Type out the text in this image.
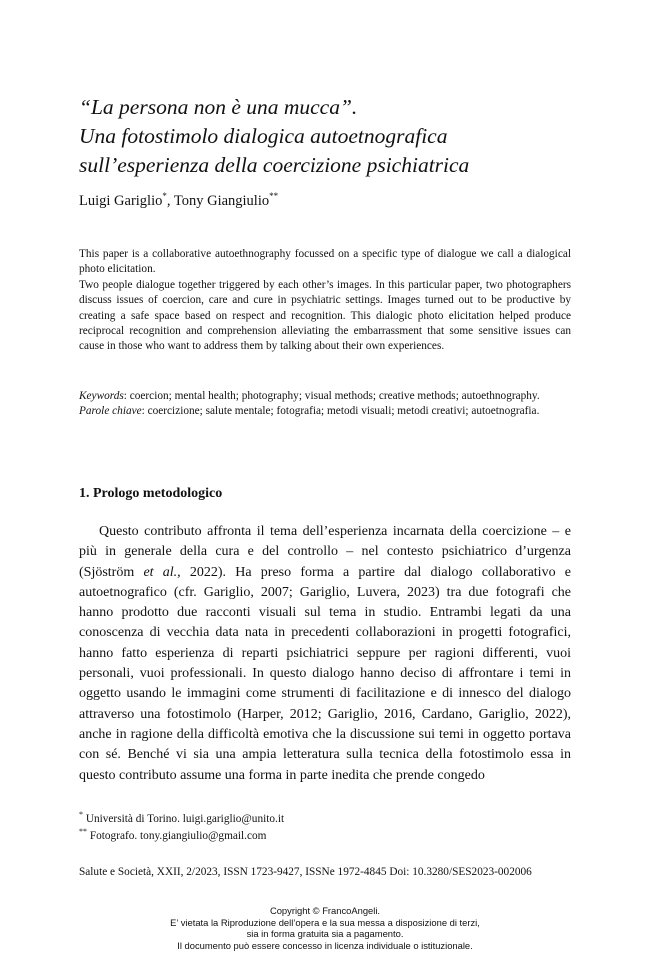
“La persona non è una mucca”.
Una fotostimolo dialogica autoetnografica
sull’esperienza della coercizione psichiatrica
Luigi Gariglio*, Tony Giangiulio**

This paper is a collaborative autoethnography focussed on a specific type of dialogue we call a dialogical photo elicitation.

Two people dialogue together triggered by each other’s images. In this particular paper, two photographers discuss issues of coercion, care and cure in psychiatric settings. Images turned out to be productive by creating a safe space based on respect and recognition. This dialogic photo elicitation helped produce reciprocal recognition and comprehension alleviating the embarrassment that some sensitive issues can cause in those who want to address them by talking about their own experiences.

Keywords: coercion; mental health; photography; visual methods; creative methods; autoethnography.

Parole chiave: coercizione; salute mentale; fotografia; metodi visuali; metodi creativi; autoetnografia.

1. Prologo metodologico

Questo contributo affronta il tema dell’esperienza incarnata della coercizione – e più in generale della cura e del controllo – nel contesto psichiatrico d’urgenza (Sjöström et al., 2022). Ha preso forma a partire dal dialogo collaborativo e autoetnografico (cfr. Gariglio, 2007; Gariglio, Luvera, 2023) tra due fotografi che hanno prodotto due racconti visuali sul tema in studio. Entrambi legati da una conoscenza di vecchia data nata in precedenti collaborazioni in progetti fotografici, hanno fatto esperienza di reparti psichiatrici seppure per ragioni differenti, vuoi personali, vuoi professionali. In questo dialogo hanno deciso di affrontare i temi in oggetto usando le immagini come strumenti di facilitazione e di innesco del dialogo attraverso una fotostimolo (Harper, 2012; Gariglio, 2016, Cardano, Gariglio, 2022), anche in ragione della difficoltà emotiva che la discussione sui temi in oggetto portava con sé. Benché vi sia una ampia letteratura sulla tecnica della fotostimolo essa in questo contributo assume una forma in parte inedita che prende congedo

* Università di Torino. luigi.gariglio@unito.it
** Fotografo. tony.giangiulio@gmail.com
Salute e Società, XXII, 2/2023, ISSN 1723-9427, ISSNe 1972-4845 Doi: 10.3280/SES2023-002006
Copyright © FrancoAngeli.
E’ vietata la Riproduzione dell’opera e la sua messa a disposizione di terzi,
sia in forma gratuita sia a pagamento.
Il documento può essere concesso in licenza individuale o istituzionale.
